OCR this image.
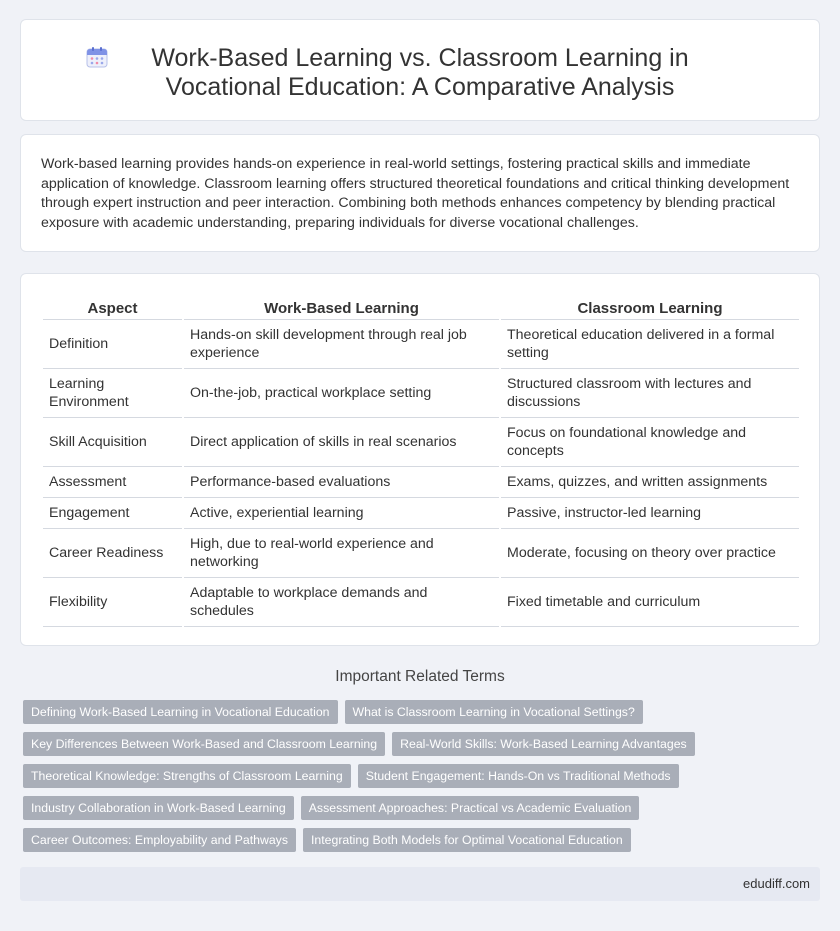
Work-Based Learning vs. Classroom Learning in Vocational Education: A Comparative Analysis

Work-based learning provides hands-on experience in real-world settings, fostering practical skills and immediate application of knowledge. Classroom learning offers structured theoretical foundations and critical thinking development through expert instruction and peer interaction. Combining both methods enhances competency by blending practical exposure with academic understanding, preparing individuals for diverse vocational challenges.

Aspect	Work-Based Learning	Classroom Learning
Definition	Hands-on skill development through real job experience	Theoretical education delivered in a formal setting
Learning Environment	On-the-job, practical workplace setting	Structured classroom with lectures and discussions
Skill Acquisition	Direct application of skills in real scenarios	Focus on foundational knowledge and concepts
Assessment	Performance-based evaluations	Exams, quizzes, and written assignments
Engagement	Active, experiential learning	Passive, instructor-led learning
Career Readiness	High, due to real-world experience and networking	Moderate, focusing on theory over practice
Flexibility	Adaptable to workplace demands and schedules	Fixed timetable and curriculum
Important Related Terms
Defining Work-Based Learning in Vocational Education	What is Classroom Learning in Vocational Settings?
Key Differences Between Work-Based and Classroom Learning	Real-World Skills: Work-Based Learning Advantages
Theoretical Knowledge: Strengths of Classroom Learning	Student Engagement: Hands-On vs Traditional Methods
Industry Collaboration in Work-Based Learning	Assessment Approaches: Practical vs Academic Evaluation
Career Outcomes: Employability and Pathways	Integrating Both Models for Optimal Vocational Education
edudiff.com
